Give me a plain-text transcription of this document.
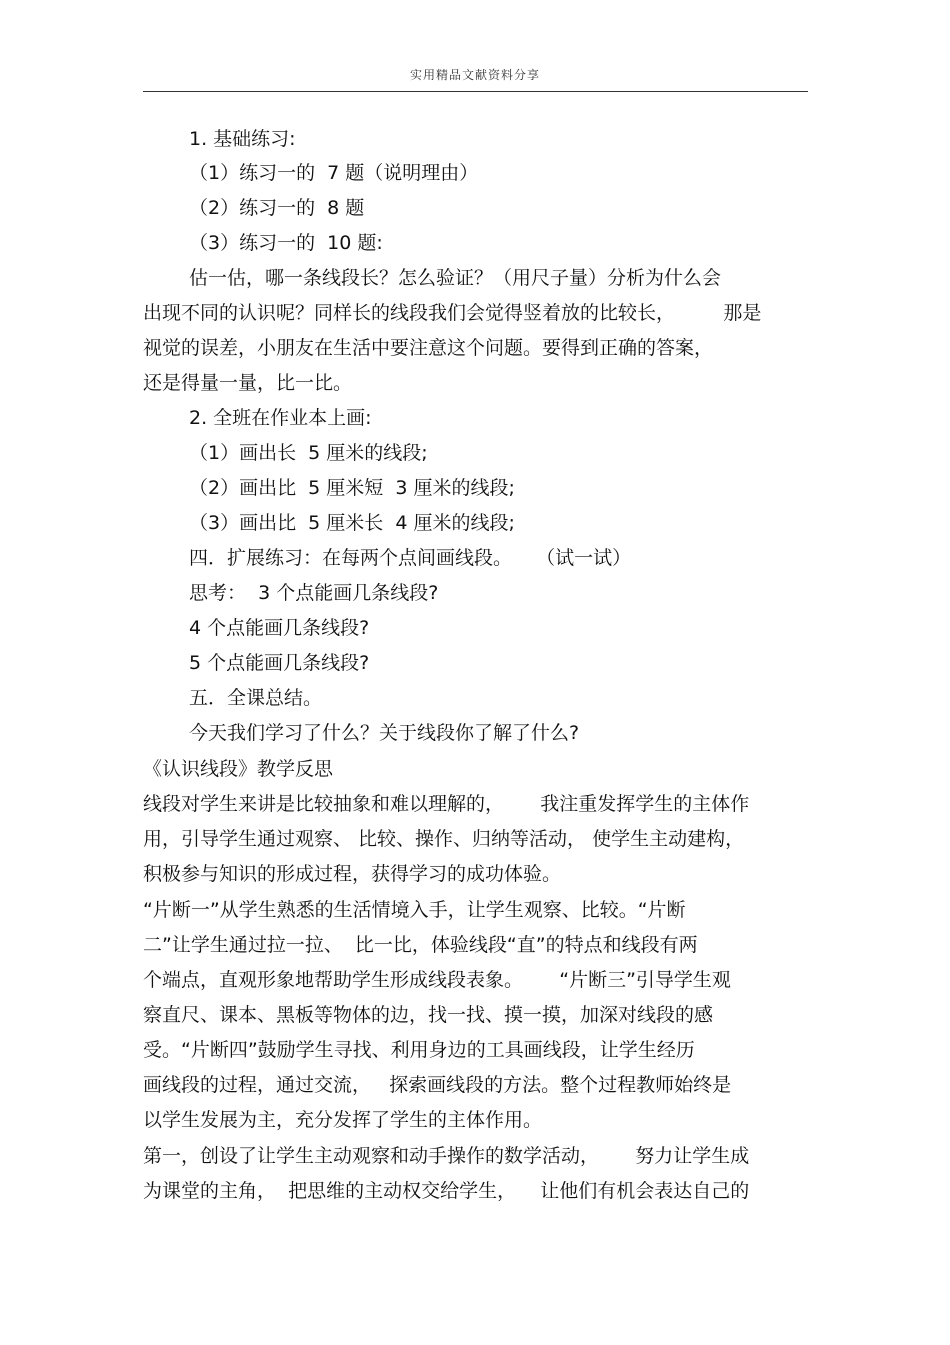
实用精品文献资料分享
1. 基础练习:
（1）练习一的  7 题（说明理由）
（2）练习一的  8 题
（3）练习一的  10 题:
估一估，哪一条线段长？怎么验证？（用尺子量）分析为什么会
出现不同的认识呢？同样长的线段我们会觉得竖着放的比较长，        那是
视觉的误差，小朋友在生活中要注意这个问题。要得到正确的答案，
还是得量一量，比一比。
2. 全班在作业本上画:
（1）画出长  5 厘米的线段;
（2）画出比  5 厘米短  3 厘米的线段;
（3）画出比  5 厘米长  4 厘米的线段;
四．扩展练习：在每两个点间画线段。    （试一试）
思考：  3 个点能画几条线段?
4 个点能画几条线段?
5 个点能画几条线段?
五．全课总结。
今天我们学习了什么？关于线段你了解了什么?
《认识线段》教学反思
线段对学生来讲是比较抽象和难以理解的，      我注重发挥学生的主体作
用，引导学生通过观察、 比较、操作、归纳等活动， 使学生主动建构，
积极参与知识的形成过程，获得学习的成功体验。
“片断一”从学生熟悉的生活情境入手，让学生观察、比较。“片断
二”让学生通过拉一拉、  比一比，体验线段“直”的特点和线段有两
个端点，直观形象地帮助学生形成线段表象。      “片断三”引导学生观
察直尺、课本、黑板等物体的边，找一找、摸一摸，加深对线段的感
受。“片断四”鼓励学生寻找、利用身边的工具画线段，让学生经历
画线段的过程，通过交流，   探索画线段的方法。整个过程教师始终是
以学生发展为主，充分发挥了学生的主体作用。
第一，创设了让学生主动观察和动手操作的数学活动，      努力让学生成
为课堂的主角，  把思维的主动权交给学生，    让他们有机会表达自己的
